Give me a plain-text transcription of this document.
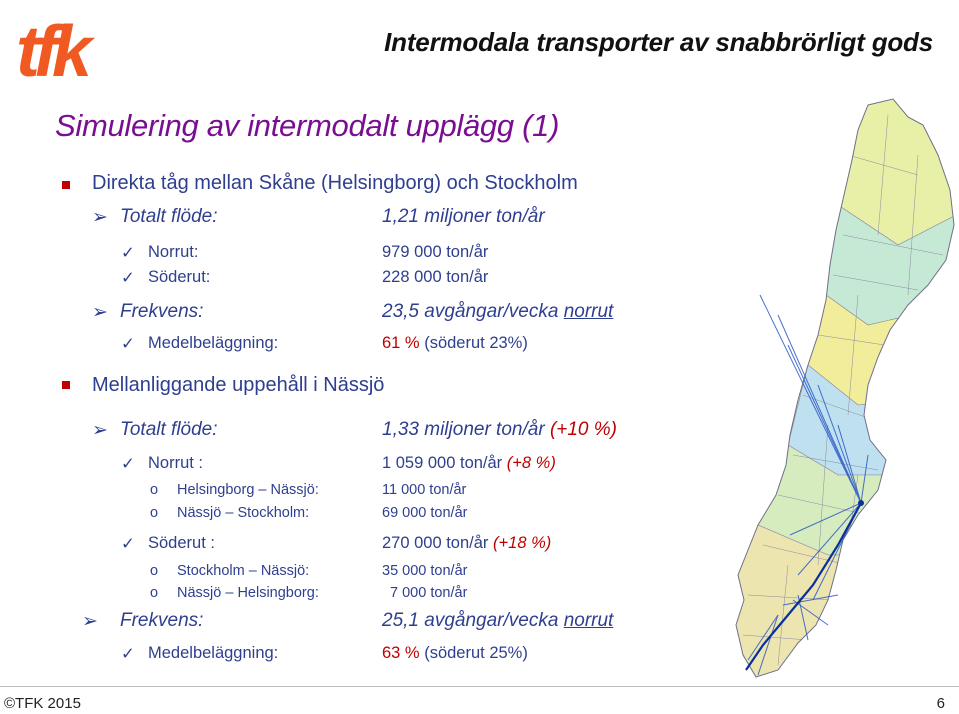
tfk	Intermodala transporter av snabbrörligt gods
Simulering av intermodalt upplägg (1)
Direkta tåg mellan Skåne (Helsingborg) och Stockholm
➢ Totalt flöde:	1,21 miljoner ton/år
✓ Norrut:	979 000 ton/år
✓ Söderut:	228 000 ton/år
➢ Frekvens:	23,5 avgångar/vecka norrut
✓ Medelbeläggning:	61 % (söderut 23%)
Mellanliggande uppehåll i Nässjö
➢ Totalt flöde:	1,33 miljoner ton/år (+10 %)
✓ Norrut :	1 059 000 ton/år (+8 %)
o Helsingborg – Nässjö:	11 000 ton/år
o Nässjö – Stockholm:	69 000 ton/år
✓ Söderut :	270 000 ton/år (+18 %)
o Stockholm – Nässjö:	35 000 ton/år
o Nässjö – Helsingborg:	7 000 ton/år
➢ Frekvens:	25,1 avgångar/vecka norrut
✓ Medelbeläggning:	63 % (söderut 25%)
©TFK 2015	6
